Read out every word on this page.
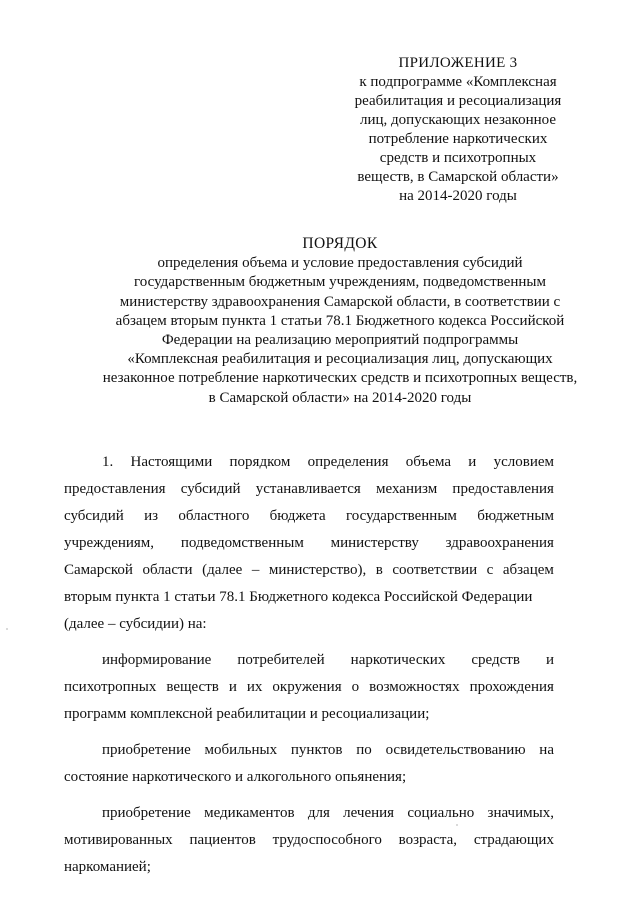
ПРИЛОЖЕНИЕ 3
к подпрограмме «Комплексная
реабилитация и ресоциализация
лиц, допускающих незаконное
потребление наркотических
средств и психотропных
веществ, в Самарской области»
на 2014-2020 годы
ПОРЯДОК
определения объема и условие предоставления субсидий
государственным бюджетным учреждениям, подведомственным
министерству здравоохранения Самарской области, в соответствии с
абзацем вторым пункта 1 статьи 78.1 Бюджетного кодекса Российской
Федерации на реализацию мероприятий подпрограммы
«Комплексная реабилитация и ресоциализация лиц, допускающих
незаконное потребление наркотических средств и психотропных веществ,
в Самарской области» на 2014-2020 годы
1. Настоящими порядком определения объема и условием
предоставления субсидий устанавливается механизм предоставления
субсидий из областного бюджета государственным бюджетным
учреждениям, подведомственным министерству здравоохранения
Самарской области (далее – министерство), в соответствии с абзацем
вторым пункта 1 статьи 78.1 Бюджетного кодекса Российской Федерации
(далее – субсидии) на:
информирование потребителей наркотических средств и
психотропных веществ и их окружения о возможностях прохождения
программ комплексной реабилитации и ресоциализации;
приобретение мобильных пунктов по освидетельствованию на
состояние наркотического и алкогольного опьянения;
приобретение медикаментов для лечения социально значимых,
мотивированных пациентов трудоспособного возраста, страдающих
наркоманией;
